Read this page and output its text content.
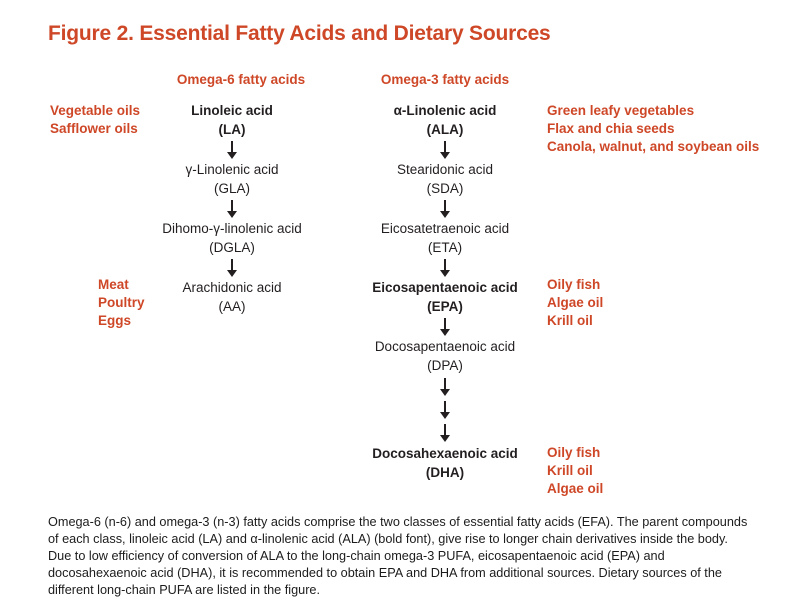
Figure 2. Essential Fatty Acids and Dietary Sources
Omega-6 fatty acids	Omega-3 fatty acids
Vegetable oils
Safflower oils
Meat
Poultry
Eggs
Green leafy vegetables
Flax and chia seeds
Canola, walnut, and soybean oils
Oily fish
Algae oil
Krill oil
Oily fish
Krill oil
Algae oil
Linoleic acid
(LA)
γ-Linolenic acid
(GLA)
Dihomo-γ-linolenic acid
(DGLA)
Arachidonic acid
(AA)
α-Linolenic acid
(ALA)
Stearidonic acid
(SDA)
Eicosatetraenoic acid
(ETA)
Eicosapentaenoic acid
(EPA)
Docosapentaenoic acid
(DPA)
Docosahexaenoic acid
(DHA)

Omega-6 (n-6) and omega-3 (n-3) fatty acids comprise the two classes of essential fatty acids (EFA). The parent compounds of each class, linoleic acid (LA) and α-linolenic acid (ALA) (bold font), give rise to longer chain derivatives inside the body. Due to low efficiency of conversion of ALA to the long-chain omega-3 PUFA, eicosapentaenoic acid (EPA) and docosahexaenoic acid (DHA), it is recommended to obtain EPA and DHA from additional sources. Dietary sources of the different long-chain PUFA are listed in the figure.
